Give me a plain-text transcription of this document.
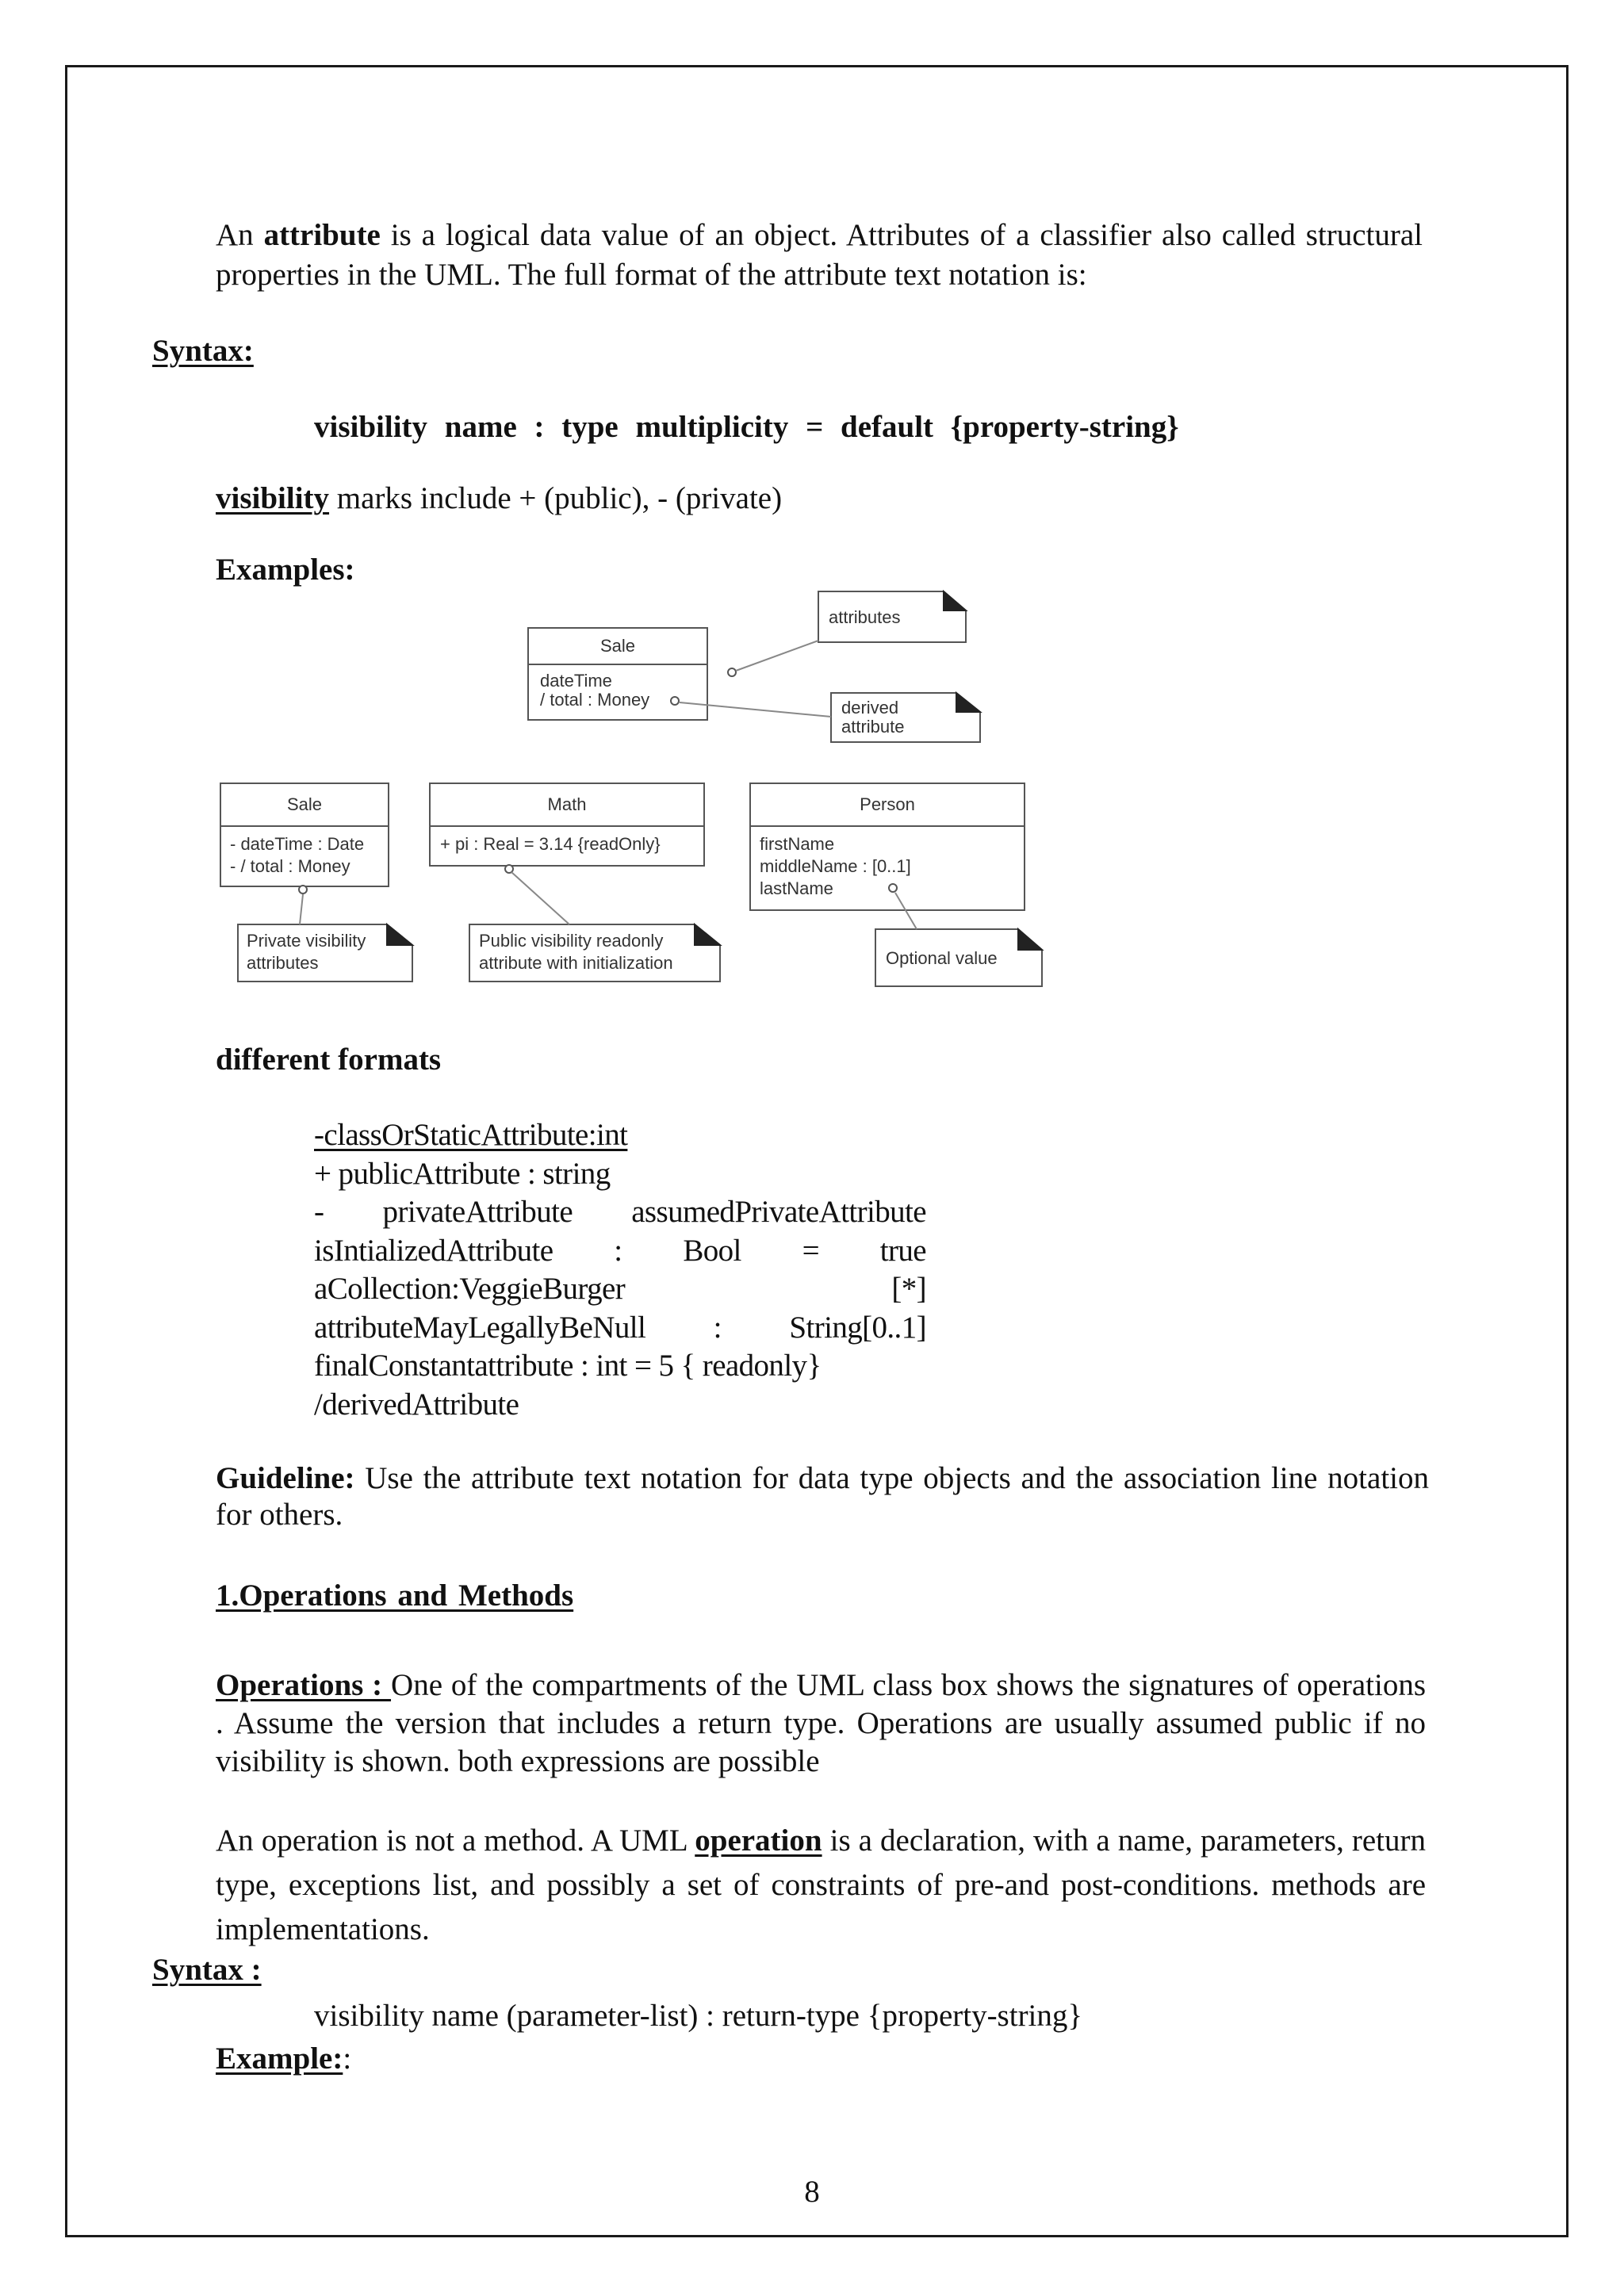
An attribute is a logical data value of an object. Attributes of a classifier also called structural properties in the UML. The full format of the attribute text notation is:
Syntax:
visibility name : type multiplicity = default {property-string}
visibility marks include + (public), - (private)
Examples:
Sale
dateTime
/ total : Money
attributes
derived
attribute
Sale
- dateTime : Date
- / total : Money
Math
+ pi : Real = 3.14 {readOnly}
Person
firstName
middleName : [0..1]
lastName
Private visibility
attributes
Public visibility readonly
attribute with initialization	Optional value
different formats
-classOrStaticAttribute:int
+ publicAttribute : string
- privateAttribute assumedPrivateAttribute
isIntializedAttribute : Bool = true
aCollection:VeggieBurger [*]
attributeMayLegallyBeNull : String[0..1]
finalConstantattribute : int = 5 { readonly}
/derivedAttribute
Guideline: Use the attribute text notation for data type objects and the association line notation for others.
1.Operations and Methods
Operations : One of the compartments of the UML class box shows the signatures of operations . Assume the version that includes a return type. Operations are usually assumed public if no visibility is shown. both expressions are possible
An operation is not a method. A UML operation is a declaration, with a name, parameters, return type, exceptions list, and possibly a set of constraints of pre-and post-conditions. methods are implementations.
Syntax :
visibility name (parameter-list) : return-type {property-string}
Example::
8
